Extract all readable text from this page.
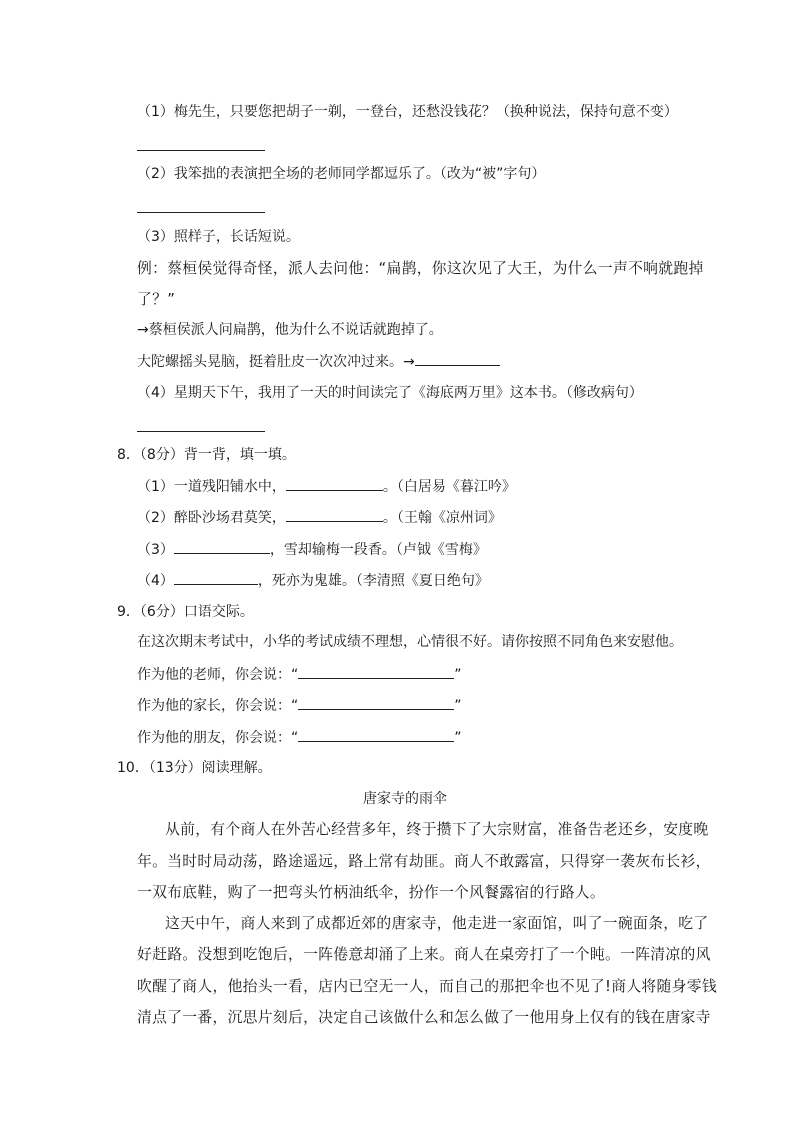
（1）梅先生，只要您把胡子一剃，一登台，还愁没钱花？（换种说法，保持句意不变）
（2）我笨拙的表演把全场的老师同学都逗乐了。（改为“被”字句）
（3）照样子，长话短说。
例：蔡桓侯觉得奇怪，派人去问他：“扁鹊，你这次见了大王，为什么一声不响就跑掉
了？”
→蔡桓侯派人问扁鹊，他为什么不说话就跑掉了。
大陀螺摇头晃脑，挺着肚皮一次次冲过来。→
（4）星期天下午，我用了一天的时间读完了《海底两万里》这本书。（修改病句）
8．（8分）背一背，填一填。
（1）一道残阳铺水中，	。（白居易《暮江吟》
（2）醉卧沙场君莫笑，	。（王翰《凉州词》
（3）	，雪却输梅一段香。（卢钺《雪梅》
（4）	，死亦为鬼雄。（李清照《夏日绝句》
9．（6分）口语交际。
在这次期末考试中，小华的考试成绩不理想，心情很不好。请你按照不同角色来安慰他。
作为他的老师，你会说：“	”
作为他的家长，你会说：“	”
作为他的朋友，你会说：“	”
10．（13分）阅读理解。
唐家寺的雨伞
从前，有个商人在外苦心经营多年，终于攒下了大宗财富，准备告老还乡，安度晚
年。当时时局动荡，路途遥远，路上常有劫匪。商人不敢露富，只得穿一袭灰布长衫，
一双布底鞋，购了一把弯头竹柄油纸伞，扮作一个风餐露宿的行路人。
这天中午，商人来到了成都近郊的唐家寺，他走进一家面馆，叫了一碗面条，吃了
好赶路。没想到吃饱后，一阵倦意却涌了上来。商人在桌旁打了一个盹。一阵清凉的风
吹醒了商人，他抬头一看，店内已空无一人，而自己的那把伞也不见了!商人将随身零钱
清点了一番，沉思片刻后，决定自己该做什么和怎么做了一他用身上仅有的钱在唐家寺
